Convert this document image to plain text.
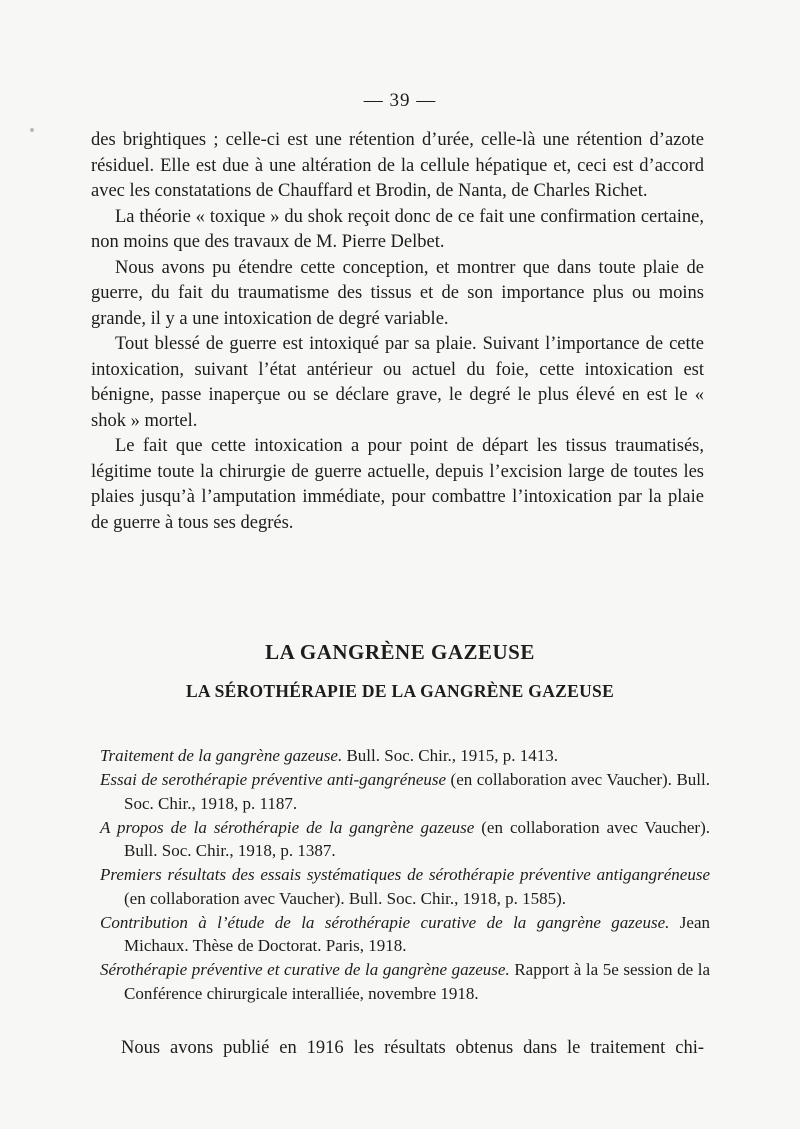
— 39 —

des brightiques ; celle-ci est une rétention d’urée, celle-là une rétention d’azote résiduel. Elle est due à une altération de la cellule hépatique et, ceci est d’accord avec les constatations de Chauffard et Brodin, de Nanta, de Charles Richet.

La théorie « toxique » du shok reçoit donc de ce fait une confirmation certaine, non moins que des travaux de M. Pierre Delbet.

Nous avons pu étendre cette conception, et montrer que dans toute plaie de guerre, du fait du traumatisme des tissus et de son importance plus ou moins grande, il y a une intoxication de degré variable.

Tout blessé de guerre est intoxiqué par sa plaie. Suivant l’importance de cette intoxication, suivant l’état antérieur ou actuel du foie, cette intoxication est bénigne, passe inaperçue ou se déclare grave, le degré le plus élevé en est le « shok » mortel.

Le fait que cette intoxication a pour point de départ les tissus traumatisés, légitime toute la chirurgie de guerre actuelle, depuis l’excision large de toutes les plaies jusqu’à l’amputation immédiate, pour combattre l’intoxication par la plaie de guerre à tous ses degrés.

LA GANGRÈNE GAZEUSE
LA SÉROTHÉRAPIE DE LA GANGRÈNE GAZEUSE
Traitement de la gangrène gazeuse. Bull. Soc. Chir., 1915, p. 1413.
Essai de serothérapie préventive anti-gangréneuse (en collaboration avec Vaucher). Bull. Soc. Chir., 1918, p. 1187.
A propos de la sérothérapie de la gangrène gazeuse (en collaboration avec Vaucher). Bull. Soc. Chir., 1918, p. 1387.
Premiers résultats des essais systématiques de sérothérapie préventive antigangréneuse (en collaboration avec Vaucher). Bull. Soc. Chir., 1918, p. 1585).
Contribution à l’étude de la sérothérapie curative de la gangrène gazeuse. Jean Michaux. Thèse de Doctorat. Paris, 1918.
Sérothérapie préventive et curative de la gangrène gazeuse. Rapport à la 5e session de la Conférence chirurgicale interalliée, novembre 1918.

Nous avons publié en 1916 les résultats obtenus dans le traitement chi-
